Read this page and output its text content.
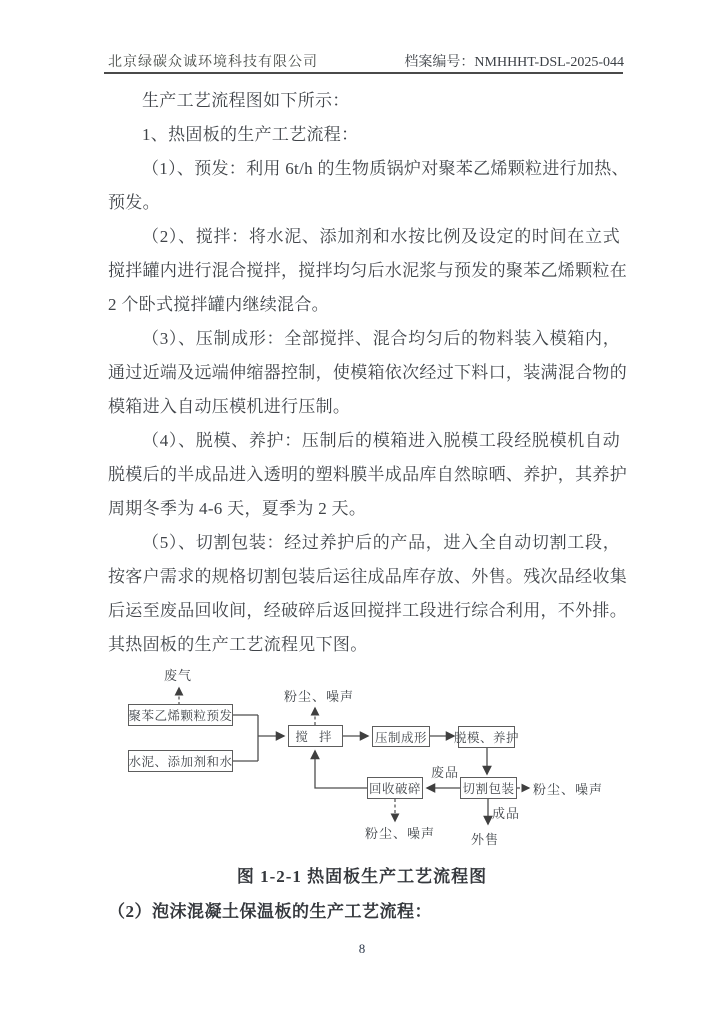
北京绿碳众诚环境科技有限公司	档案编号：NMHHHT-DSL-2025-044
生产工艺流程图如下所示：
1、热固板的生产工艺流程：
（1）、预发：利用 6t/h 的生物质锅炉对聚苯乙烯颗粒进行加热、
预发。
（2）、搅拌：将水泥、添加剂和水按比例及设定的时间在立式
搅拌罐内进行混合搅拌，搅拌均匀后水泥浆与预发的聚苯乙烯颗粒在
2 个卧式搅拌罐内继续混合。
（3）、压制成形：全部搅拌、混合均匀后的物料装入模箱内，
通过近端及远端伸缩器控制，使模箱依次经过下料口，装满混合物的
模箱进入自动压模机进行压制。
（4）、脱模、养护：压制后的模箱进入脱模工段经脱模机自动
脱模后的半成品进入透明的塑料膜半成品库自然晾晒、养护，其养护
周期冬季为 4-6 天，夏季为 2 天。
（5）、切割包装：经过养护后的产品，进入全自动切割工段，
按客户需求的规格切割包装后运往成品库存放、外售。残次品经收集
后运至废品回收间，经破碎后返回搅拌工段进行综合利用，不外排。
其热固板的生产工艺流程见下图。
聚苯乙烯颗粒预发
水泥、添加剂和水
搅 拌	压制成形 脱模、养护
切割包装
回收破碎
废气
粉尘、噪声
粉尘、噪声
粉尘、噪声
废品
成品
外售
图 1-2-1 热固板生产工艺流程图
（2）泡沫混凝土保温板的生产工艺流程：
8
